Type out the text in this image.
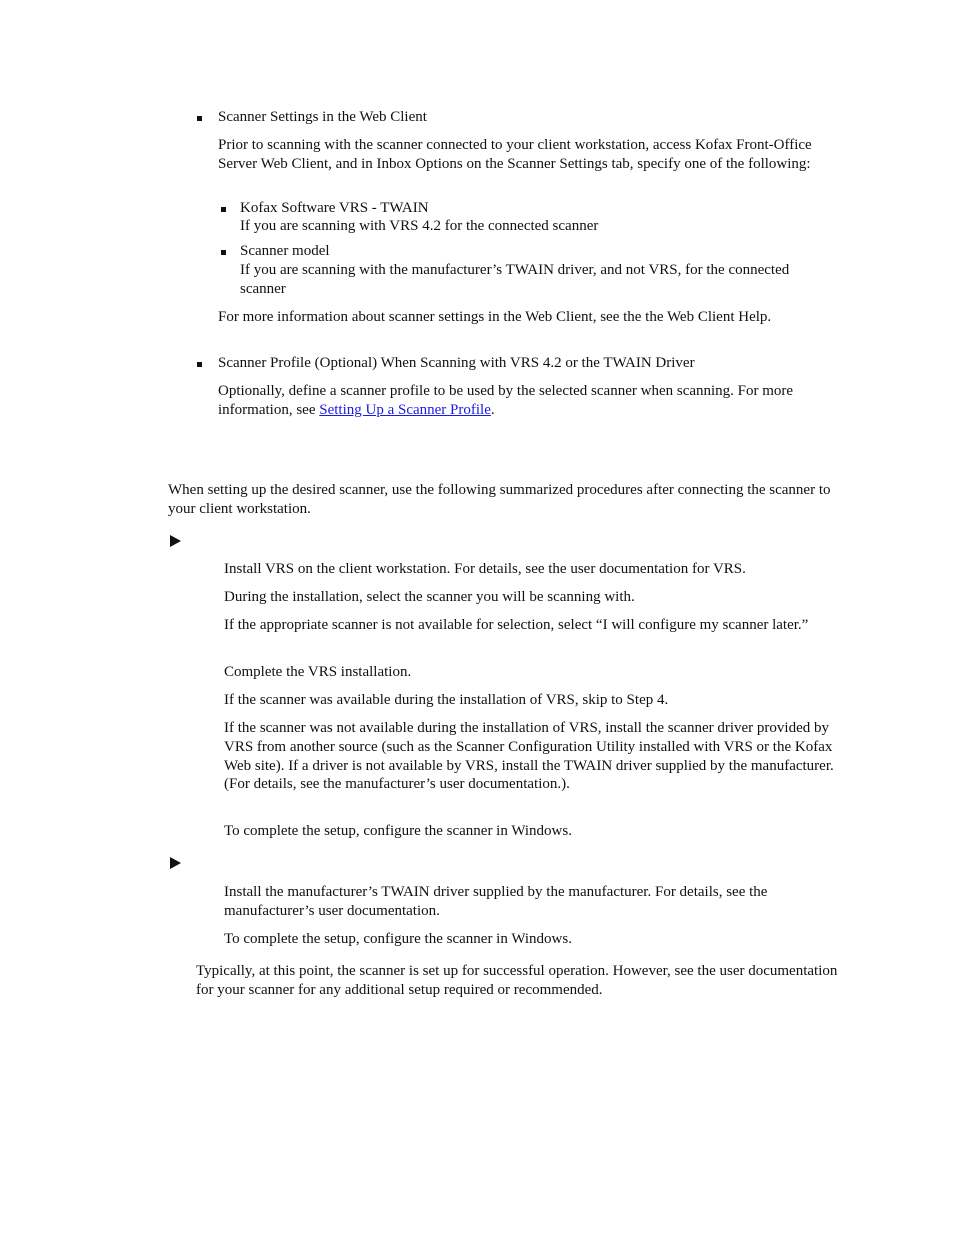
Scanner Settings in the Web Client

Prior to scanning with the scanner connected to your client workstation, access Kofax Front-Office Server Web Client, and in Inbox Options on the Scanner Settings tab, specify one of the following:

Kofax Software VRS - TWAIN

If you are scanning with VRS 4.2 for the connected scanner

Scanner model

If you are scanning with the manufacturer’s TWAIN driver, and not VRS, for the connected scanner

For more information about scanner settings in the Web Client, see the the Web Client Help.

Scanner Profile (Optional) When Scanning with VRS 4.2 or the TWAIN Driver

Optionally, define a scanner profile to be used by the selected scanner when scanning. For more information, see Setting Up a Scanner Profile.

When setting up the desired scanner, use the following summarized procedures after connecting the scanner to your client workstation.

Install VRS on the client workstation. For details, see the user documentation for VRS.

During the installation, select the scanner you will be scanning with.

If the appropriate scanner is not available for selection, select “I will configure my scanner later.”

Complete the VRS installation.

If the scanner was available during the installation of VRS, skip to Step 4.

If the scanner was not available during the installation of VRS, install the scanner driver provided by VRS from another source (such as the Scanner Configuration Utility installed with VRS or the Kofax Web site). If a driver is not available by VRS, install the TWAIN driver supplied by the manufacturer. (For details, see the manufacturer’s user documentation.).

To complete the setup, configure the scanner in Windows.

Install the manufacturer’s TWAIN driver supplied by the manufacturer. For details, see the manufacturer’s user documentation.

To complete the setup, configure the scanner in Windows.

Typically, at this point, the scanner is set up for successful operation. However, see the user documentation for your scanner for any additional setup required or recommended.
